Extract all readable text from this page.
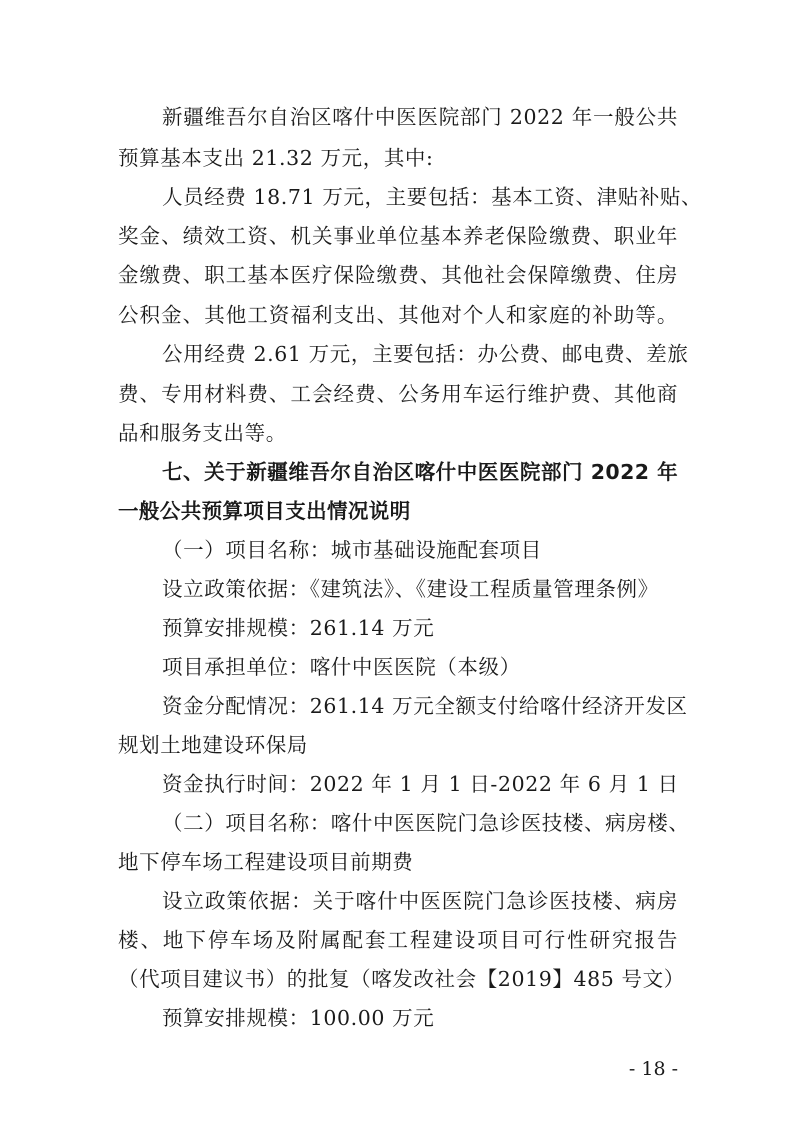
新疆维吾尔自治区喀什中医医院部门 2022 年一般公共
预算基本支出 21.32 万元，其中:
人员经费 18.71 万元，主要包括：基本工资、津贴补贴、
奖金、绩效工资、机关事业单位基本养老保险缴费、职业年
金缴费、职工基本医疗保险缴费、其他社会保障缴费、住房
公积金、其他工资福利支出、其他对个人和家庭的补助等。
公用经费 2.61 万元，主要包括：办公费、邮电费、差旅
费、专用材料费、工会经费、公务用车运行维护费、其他商
品和服务支出等。
七、关于新疆维吾尔自治区喀什中医医院部门 2022 年
一般公共预算项目支出情况说明
（一）项目名称：城市基础设施配套项目
设立政策依据：《建筑法》、《建设工程质量管理条例》
预算安排规模：261.14 万元
项目承担单位：喀什中医医院（本级）
资金分配情况：261.14 万元全额支付给喀什经济开发区
规划土地建设环保局
资金执行时间：2022 年 1 月 1 日-2022 年 6 月 1 日
（二）项目名称：喀什中医医院门急诊医技楼、病房楼、
地下停车场工程建设项目前期费
设立政策依据：关于喀什中医医院门急诊医技楼、病房
楼、地下停车场及附属配套工程建设项目可行性研究报告
（代项目建议书）的批复（喀发改社会【2019】485 号文）
预算安排规模：100.00 万元
- 18 -
